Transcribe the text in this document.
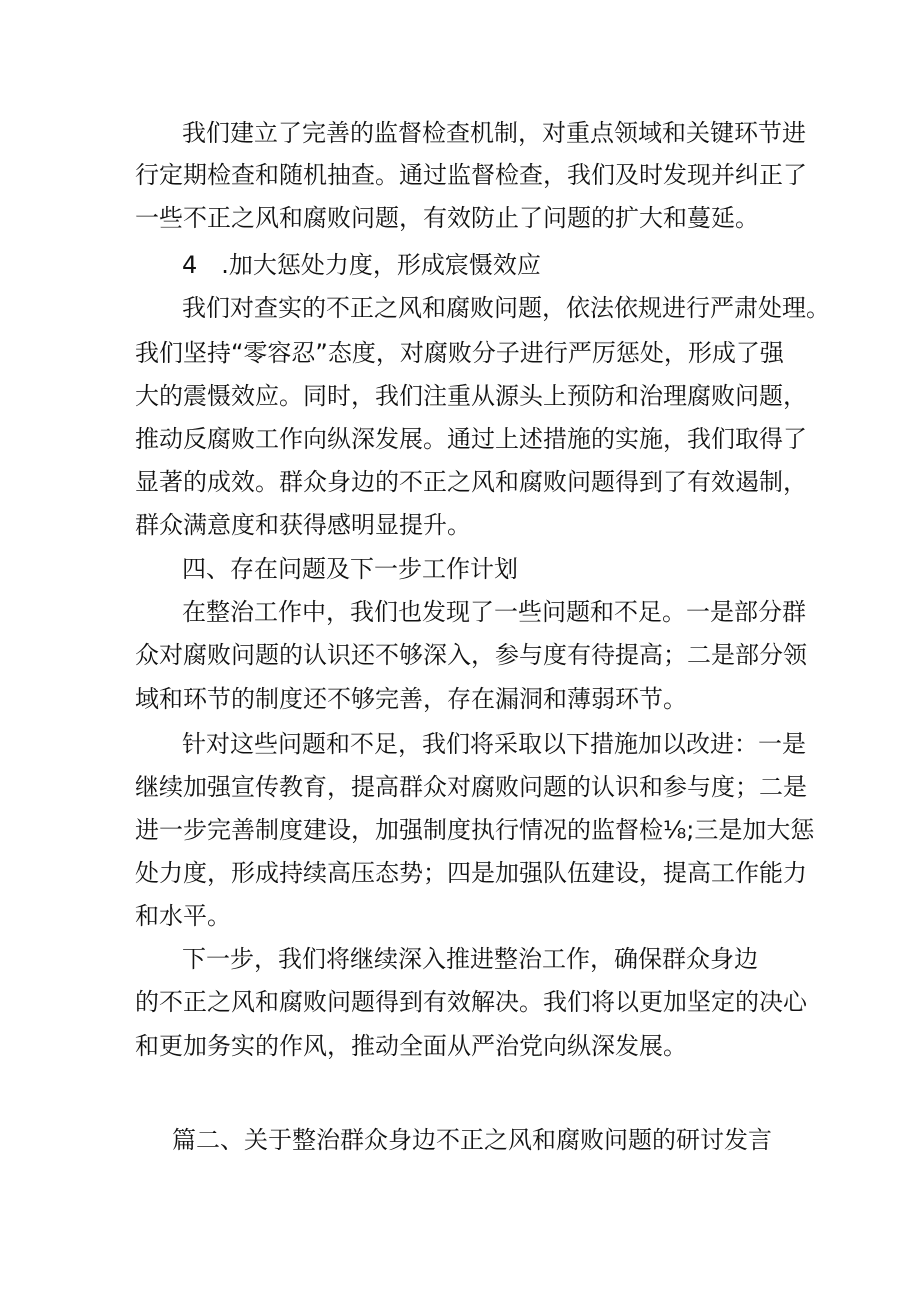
我们建立了完善的监督检查机制，对重点领域和关键环节进
行定期检查和随机抽查。通过监督检查，我们及时发现并纠正了
一些不正之风和腐败问题，有效防止了问题的扩大和蔓延。
4　.加大惩处力度，形成宸慑效应
我们对查实的不正之风和腐败问题，依法依规进行严肃处理。
我们坚持“零容忍”态度，对腐败分子进行严厉惩处，形成了强
大的震慑效应。同时，我们注重从源头上预防和治理腐败问题，
推动反腐败工作向纵深发展。通过上述措施的实施，我们取得了
显著的成效。群众身边的不正之风和腐败问题得到了有效遏制，
群众满意度和获得感明显提升。
四、存在问题及下一步工作计划
在整治工作中，我们也发现了一些问题和不足。一是部分群
众对腐败问题的认识还不够深入，参与度有待提高；二是部分领
域和环节的制度还不够完善，存在漏洞和薄弱环节。
针对这些问题和不足，我们将采取以下措施加以改进：一是
继续加强宣传教育，提高群众对腐败问题的认识和参与度；二是
进一步完善制度建设，加强制度执行情况的监督检⅛;三是加大惩
处力度，形成持续高压态势；四是加强队伍建设，提高工作能力
和水平。
下一步，我们将继续深入推进整治工作，确保群众身边
的不正之风和腐败问题得到有效解决。我们将以更加坚定的决心
和更加务实的作风，推动全面从严治党向纵深发展。
篇二、关于整治群众身边不正之风和腐败问题的研讨发言
